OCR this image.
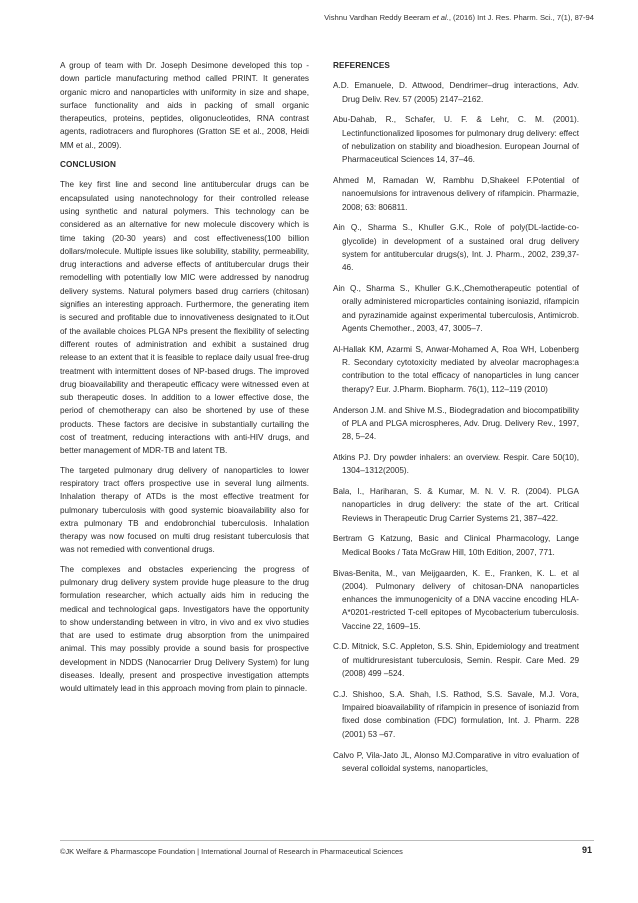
Vishnu Vardhan Reddy Beeram et al., (2016) Int J. Res. Pharm. Sci., 7(1), 87-94

A group of team with Dr. Joseph Desimone developed this top - down particle manufacturing method called PRINT. It generates organic micro and nanoparticles with uniformity in size and shape, surface functionality and aids in packing of small organic therapeutics, proteins, peptides, oligonucleotides, RNA contrast agents, radiotracers and flurophores (Gratton SE et al., 2008, Heidi MM et al., 2009).

CONCLUSION

The key first line and second line antitubercular drugs can be encapsulated using nanotechnology for their controlled release using synthetic and natural polymers. This technology can be considered as an alternative for new molecule discovery which is time taking (20-30 years) and cost effectiveness(100 billion dollars/molecule. Multiple issues like solubility, stability, permeability, drug interactions and adverse effects of antitubercular drugs their remodelling with potentially low MIC were addressed by nanodrug delivery systems. Natural polymers based drug carriers (chitosan) signifies an interesting approach. Furthermore, the generating item is secured and profitable due to innovativeness designated to it.Out of the available choices PLGA NPs present the flexibility of selecting different routes of administration and exhibit a sustained drug release to an extent that it is feasible to replace daily usual free-drug treatment with intermittent doses of NP-based drugs. The improved drug bioavailability and therapeutic efficacy were witnessed even at sub therapeutic doses. In addition to a lower effective dose, the period of chemotherapy can also be shortened by use of these products. These factors are decisive in substantially curtailing the cost of treatment, reducing interactions with anti-HIV drugs, and better management of MDR-TB and latent TB.

The targeted pulmonary drug delivery of nanoparticles to lower respiratory tract offers prospective use in several lung ailments. Inhalation therapy of ATDs is the most effective treatment for pulmonary tuberculosis with good systemic bioavailability also for extra pulmonary TB and endobronchial tuberculosis. Inhalation therapy was now focused on multi drug resistant tuberculosis that was not remedied with conventional drugs.

The complexes and obstacles experiencing the progress of pulmonary drug delivery system provide huge pleasure to the drug formulation researcher, which actually aids him in reducing the medical and technological gaps. Investigators have the opportunity to show understanding between in vitro, in vivo and ex vivo studies that are used to estimate drug absorption from the unimpaired animal. This may possibly provide a sound basis for prospective development in NDDS (Nanocarrier Drug Delivery System) for lung diseases. Ideally, present and prospective investigation attempts would ultimately lead in this approach moving from plain to pinnacle.

REFERENCES
A.D. Emanuele, D. Attwood, Dendrimer–drug interactions, Adv. Drug Deliv. Rev. 57 (2005) 2147–2162.
Abu-Dahab, R., Schafer, U. F. & Lehr, C. M. (2001). Lectinfunctionalized liposomes for pulmonary drug delivery: effect of nebulization on stability and bioadhesion. European Journal of Pharmaceutical Sciences 14, 37–46.
Ahmed M, Ramadan W, Rambhu D,Shakeel F.Potential of nanoemulsions for intravenous delivery of rifampicin. Pharmazie, 2008; 63: 806811.
Ain Q., Sharma S., Khuller G.K., Role of poly(DL-lactide-co-glycolide) in development of a sustained oral drug delivery system for antitubercular drugs(s), Int. J. Pharm., 2002, 239,37-46.
Ain Q., Sharma S., Khuller G.K.,Chemotherapeutic potential of orally administered microparticles containing isoniazid, rifampicin and pyrazinamide against experimental tuberculosis, Antimicrob. Agents Chemother., 2003, 47, 3005–7.
Al-Hallak KM, Azarmi S, Anwar-Mohamed A, Roa WH, Lobenberg R. Secondary cytotoxicity mediated by alveolar macrophages:a contribution to the total efficacy of nanoparticles in lung cancer therapy? Eur. J.Pharm. Biopharm. 76(1), 112–119 (2010)
Anderson J.M. and Shive M.S., Biodegradation and biocompatibility of PLA and PLGA microspheres, Adv. Drug. Delivery Rev., 1997, 28, 5–24.
Atkins PJ. Dry powder inhalers: an overview. Respir. Care 50(10), 1304–1312(2005).
Bala, I., Hariharan, S. & Kumar, M. N. V. R. (2004). PLGA nanoparticles in drug delivery: the state of the art. Critical Reviews in Therapeutic Drug Carrier Systems 21, 387–422.
Bertram G Katzung, Basic and Clinical Pharmacology, Lange Medical Books / Tata McGraw Hill, 10th Edition, 2007, 771.
Bivas-Benita, M., van Meijgaarden, K. E., Franken, K. L. et al (2004). Pulmonary delivery of chitosan-DNA nanoparticles enhances the immunogenicity of a DNA vaccine encoding HLA-A*0201-restricted T-cell epitopes of Mycobacterium tuberculosis. Vaccine 22, 1609–15.
C.D. Mitnick, S.C. Appleton, S.S. Shin, Epidemiology and treatment of multidruresistant tuberculosis, Semin. Respir. Care Med. 29 (2008) 499 –524.
C.J. Shishoo, S.A. Shah, I.S. Rathod, S.S. Savale, M.J. Vora, Impaired bioavailability of rifampicin in presence of isoniazid from fixed dose combination (FDC) formulation, Int. J. Pharm. 228 (2001) 53 –67.
Calvo P, Vila-Jato JL, Alonso MJ.Comparative in vitro evaluation of several colloidal systems, nanoparticles,
©JK Welfare & Pharmascope Foundation | International Journal of Research in Pharmaceutical Sciences	91
